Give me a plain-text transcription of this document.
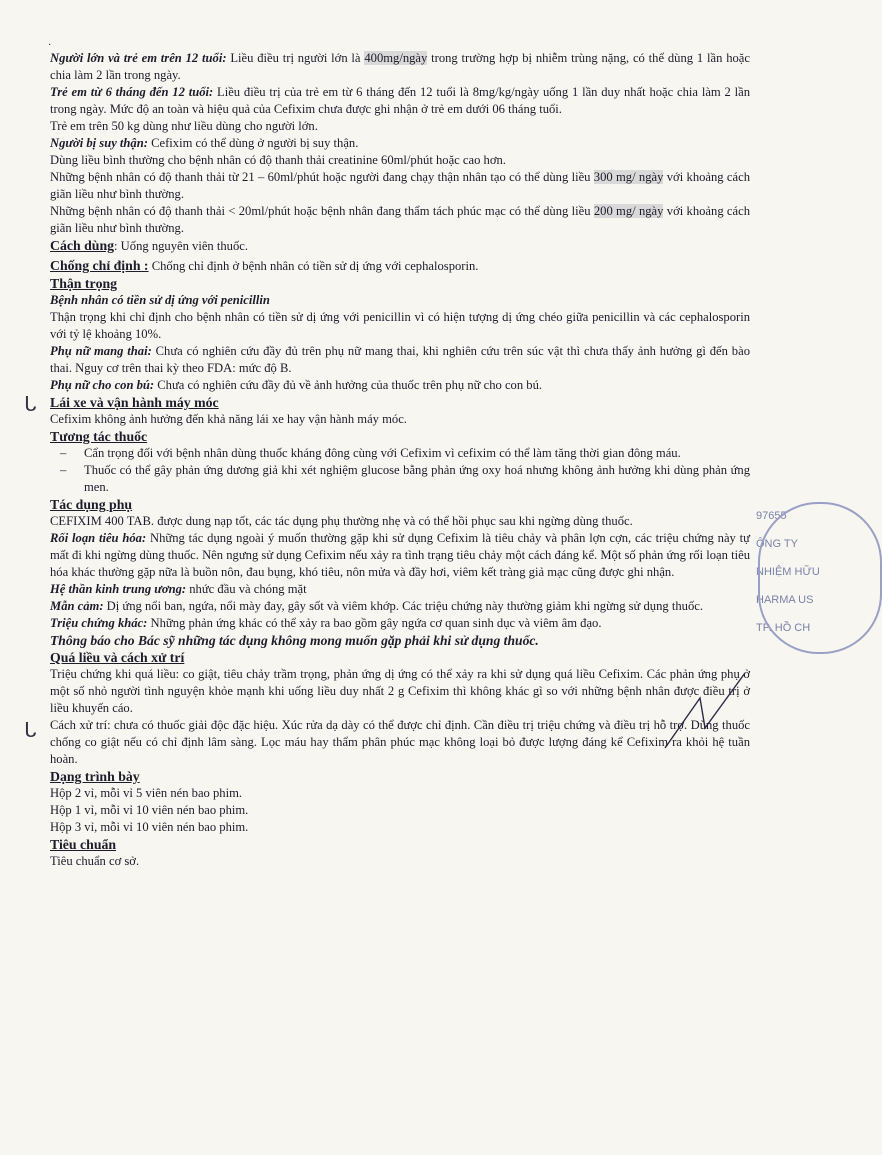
·

Người lớn và trẻ em trên 12 tuổi: Liều điều trị người lớn là 400mg/ngày trong trường hợp bị nhiễm trùng nặng, có thể dùng 1 lần hoặc chia làm 2 lần trong ngày.

Trẻ em từ 6 tháng đến 12 tuổi: Liều điều trị của trẻ em từ 6 tháng đến 12 tuổi là 8mg/kg/ngày uống 1 lần duy nhất hoặc chia làm 2 lần trong ngày. Mức độ an toàn và hiệu quả của Cefixim chưa được ghi nhận ở trẻ em dưới 06 tháng tuổi.

Trẻ em trên 50 kg dùng như liều dùng cho người lớn.

Người bị suy thận: Cefixim có thể dùng ở người bị suy thận.

Dùng liều bình thường cho bệnh nhân có độ thanh thải creatinine 60ml/phút hoặc cao hơn.

Những bệnh nhân có độ thanh thải từ 21 – 60ml/phút hoặc người đang chạy thận nhân tạo có thể dùng liều 300 mg/ ngày với khoảng cách giãn liều như bình thường.

Những bệnh nhân có độ thanh thải < 20ml/phút hoặc bệnh nhân đang thẩm tách phúc mạc có thể dùng liều 200 mg/ ngày với khoảng cách giãn liều như bình thường.

Cách dùng: Uống nguyên viên thuốc.

Chống chỉ định : Chống chỉ định ở bệnh nhân có tiền sử dị ứng với cephalosporin.

Thận trọng

Bệnh nhân có tiền sử dị ứng với penicillin

Thận trọng khi chỉ định cho bệnh nhân có tiền sử dị ứng với penicillin vì có hiện tượng dị ứng chéo giữa penicillin và các cephalosporin với tỷ lệ khoảng 10%.

Phụ nữ mang thai: Chưa có nghiên cứu đầy đủ trên phụ nữ mang thai, khi nghiên cứu trên súc vật thì chưa thấy ảnh hưởng gì đến bào thai. Nguy cơ trên thai kỳ theo FDA: mức độ B.

Phụ nữ cho con bú: Chưa có nghiên cứu đầy đủ về ảnh hưởng của thuốc trên phụ nữ cho con bú.

Lái xe và vận hành máy móc

Cefixim không ảnh hưởng đến khả năng lái xe hay vận hành máy móc.

Tương tác thuốc

– Cẩn trọng đối với bệnh nhân dùng thuốc kháng đông cùng với Cefixim vì cefixim có thể làm tăng thời gian đông máu.
– Thuốc có thể gây phản ứng dương giả khi xét nghiệm glucose bằng phản ứng oxy hoá nhưng không ảnh hưởng khi dùng phản ứng men.

Tác dụng phụ

CEFIXIM 400 TAB. được dung nạp tốt, các tác dụng phụ thường nhẹ và có thể hồi phục sau khi ngừng dùng thuốc.

Rối loạn tiêu hóa: Những tác dụng ngoài ý muốn thường gặp khi sử dụng Cefixim là tiêu chảy và phân lợn cợn, các triệu chứng này tự mất đi khi ngừng dùng thuốc. Nên ngưng sử dụng Cefixim nếu xảy ra tình trạng tiêu chảy một cách đáng kể. Một số phản ứng rối loạn tiêu hóa khác thường gặp nữa là buồn nôn, đau bụng, khó tiêu, nôn mửa và đầy hơi, viêm kết tràng giả mạc cũng được ghi nhận.

Hệ thần kinh trung ương: nhức đầu và chóng mặt

Mẫn cảm: Dị ứng nổi ban, ngứa, nổi mày đay, gây sốt và viêm khớp. Các triệu chứng này thường giảm khi ngừng sử dụng thuốc.

Triệu chứng khác: Những phản ứng khác có thể xảy ra bao gồm gây ngứa cơ quan sinh dục và viêm âm đạo.

Thông báo cho Bác sỹ những tác dụng không mong muốn gặp phải khi sử dụng thuốc.

Quá liều và cách xử trí

Triệu chứng khi quá liều: co giật, tiêu chảy trầm trọng, phản ứng dị ứng có thể xảy ra khi sử dụng quá liều Cefixim. Các phản ứng phụ ở một số nhỏ người tình nguyện khỏe mạnh khi uống liều duy nhất 2 g Cefixim thì không khác gì so với những bệnh nhân được điều trị ở liều khuyến cáo.

Cách xử trí: chưa có thuốc giải độc đặc hiệu. Xúc rửa dạ dày có thể được chỉ định. Cần điều trị triệu chứng và điều trị hỗ trợ. Dùng thuốc chống co giật nếu có chỉ định lâm sàng. Lọc máu hay thẩm phân phúc mạc không loại bỏ được lượng đáng kể Cefixim ra khỏi hệ tuần hoàn.

Dạng trình bày

Hộp 2 vỉ, mỗi vỉ 5 viên nén bao phim.

Hộp 1 vỉ, mỗi vỉ 10 viên nén bao phim.

Hộp 3 vỉ, mỗi vỉ 10 viên nén bao phim.

Tiêu chuẩn

Tiêu chuẩn cơ sở.

97655
ÔNG TY
NHIỆM HỮU
HARMA US
TP. HỒ CH
ᒐ
ᒐ
